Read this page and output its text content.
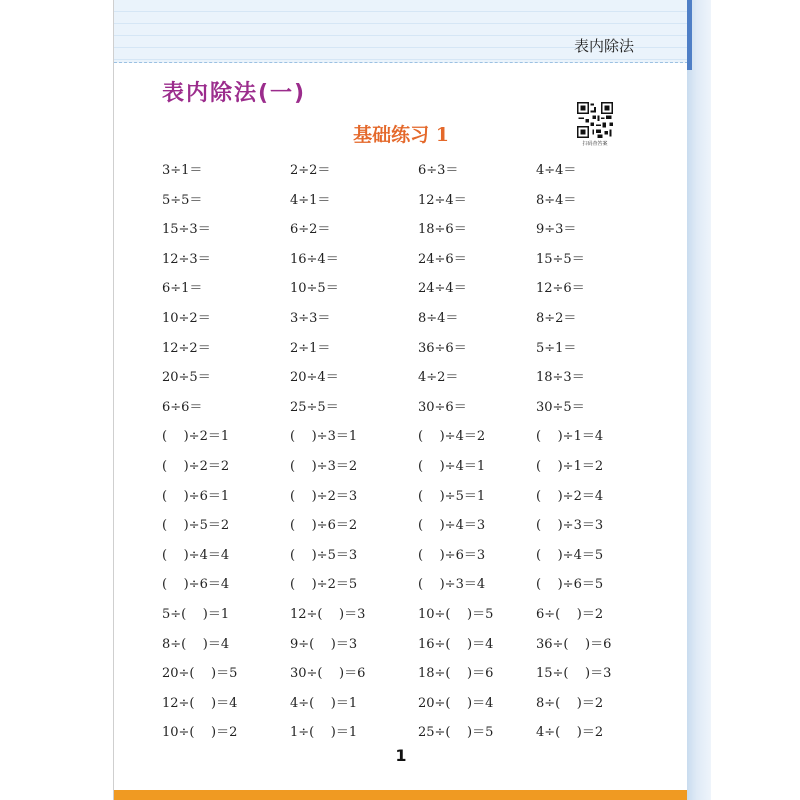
表内除法
表内除法(一)
基础练习 1	扫码查答案
3÷1＝	2÷2＝	6÷3＝	4÷4＝
5÷5＝	4÷1＝	12÷4＝	8÷4＝
15÷3＝	6÷2＝	18÷6＝	9÷3＝
12÷3＝	16÷4＝	24÷6＝	15÷5＝
6÷1＝	10÷5＝	24÷4＝	12÷6＝
10÷2＝	3÷3＝	8÷4＝	8÷2＝
12÷2＝	2÷1＝	36÷6＝	5÷1＝
20÷5＝	20÷4＝	4÷2＝	18÷3＝
6÷6＝	25÷5＝	30÷6＝	30÷5＝
(    )÷2＝1	(    )÷3＝1	(    )÷4＝2	(    )÷1＝4
(    )÷2＝2	(    )÷3＝2	(    )÷4＝1	(    )÷1＝2
(    )÷6＝1	(    )÷2＝3	(    )÷5＝1	(    )÷2＝4
(    )÷5＝2	(    )÷6＝2	(    )÷4＝3	(    )÷3＝3
(    )÷4＝4	(    )÷5＝3	(    )÷6＝3	(    )÷4＝5
(    )÷6＝4	(    )÷2＝5	(    )÷3＝4	(    )÷6＝5
5÷(    )＝1	12÷(    )＝3	10÷(    )＝5	6÷(    )＝2
8÷(    )＝4	9÷(    )＝3	16÷(    )＝4	36÷(    )＝6
20÷(    )＝5	30÷(    )＝6	18÷(    )＝6	15÷(    )＝3
12÷(    )＝4	4÷(    )＝1	20÷(    )＝4	8÷(    )＝2
10÷(    )＝2	1÷(    )＝1	25÷(    )＝5	4÷(    )＝2
1
